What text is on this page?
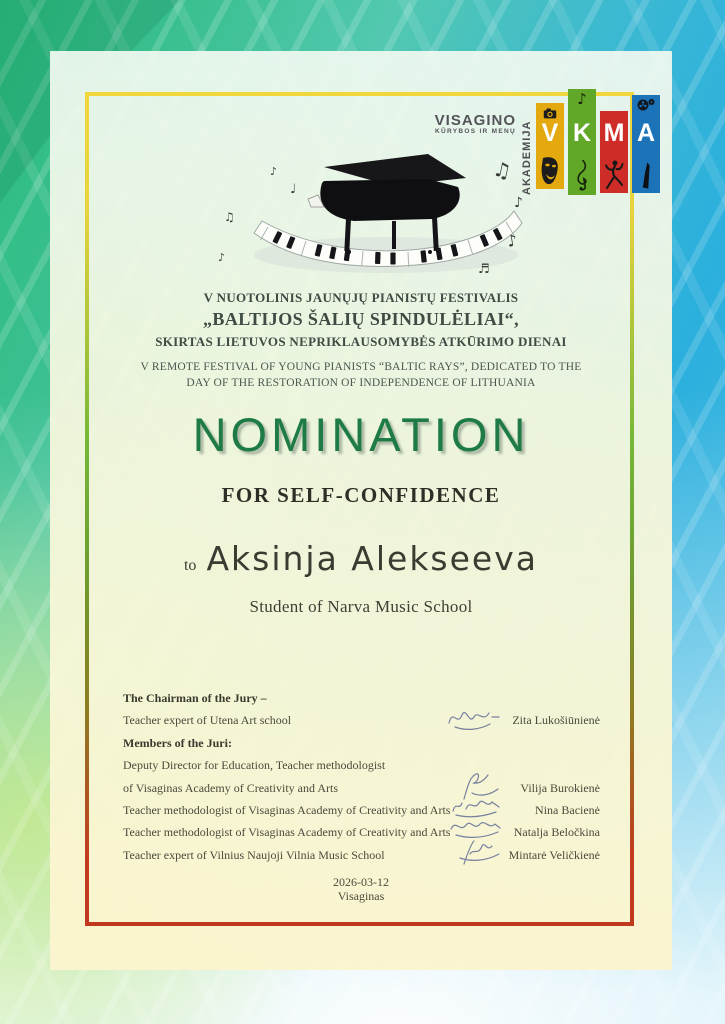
VISAGINO
KŪRYBOS IR MENŲ AKADEMIJA V
♪
K M A
♫
♪
♪
♬
♩
♪
♫
♪
V NUOTOLINIS JAUNŲJŲ PIANISTŲ FESTIVALIS
„BALTIJOS ŠALIŲ SPINDULĖLIAI“,
SKIRTAS LIETUVOS NEPRIKLAUSOMYBĖS ATKŪRIMO DIENAI
V REMOTE FESTIVAL OF YOUNG PIANISTS “BALTIC RAYS”, DEDICATED TO THE
DAY OF THE RESTORATION OF INDEPENDENCE OF LITHUANIA
NOMINATION
FOR SELF-CONFIDENCE
to Aksinja Alekseeva
Student of Narva Music School
The Chairman of the Jury –
Teacher expert of Utena Art school	Zita Lukošiūnienė
Members of the Juri:
Deputy Director for Education, Teacher methodologist
of Visaginas Academy of Creativity and Arts	Vilija Burokienė
Teacher methodologist of Visaginas Academy of Creativity and Arts	Nina Bacienė
Teacher methodologist of Visaginas Academy of Creativity and Arts	Natalja Beločkina
Teacher expert of Vilnius Naujoji Vilnia Music School	Mintarė Veličkienė
2026-03-12
Visaginas
